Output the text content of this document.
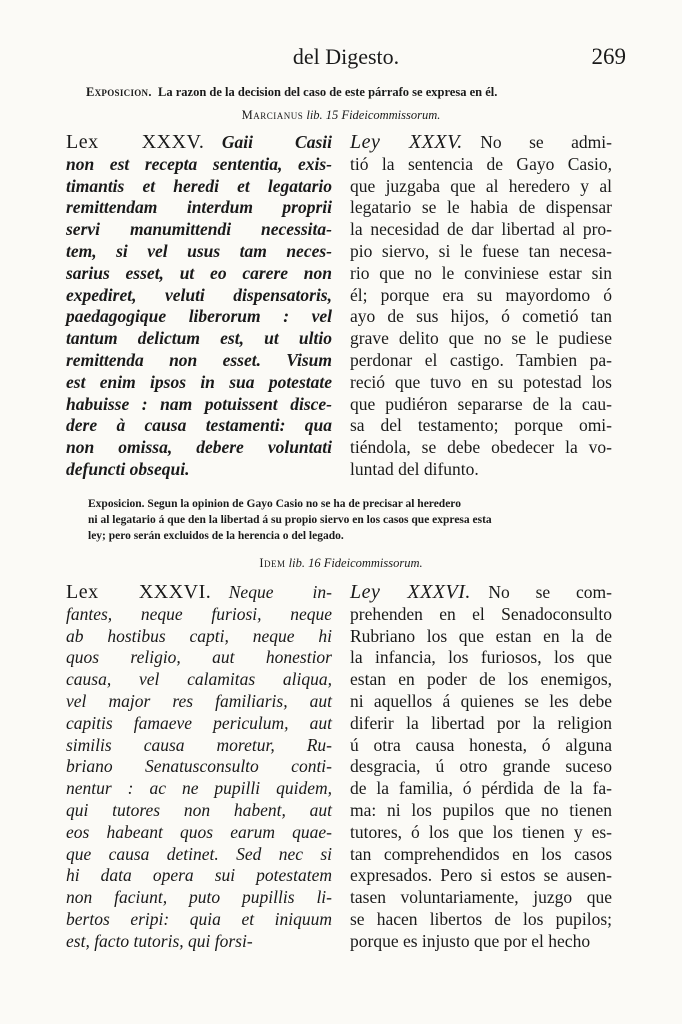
del Digesto.	269
Exposicion. La razon de la decision del caso de este párrafo se expresa en él.
Marcianus lib. 15 Fideicommissorum.
Lex XXXV. Gaii Casii
non est recepta sententia, exis-
timantis et heredi et legatario
remittendam interdum proprii
servi manumittendi necessita-
tem, si vel usus tam neces-
sarius esset, ut eo carere non
expediret, veluti dispensatoris,
paedagogique liberorum : vel
tantum delictum est, ut ultio
remittenda non esset. Visum
est enim ipsos in sua potestate
habuisse : nam potuissent disce-
dere à causa testamenti: qua
non omissa, debere voluntati
defuncti obsequi.
Ley XXXV. No se admi-
tió la sentencia de Gayo Casio,
que juzgaba que al heredero y al
legatario se le habia de dispensar
la necesidad de dar libertad al pro-
pio siervo, si le fuese tan necesa-
rio que no le conviniese estar sin
él; porque era su mayordomo ó
ayo de sus hijos, ó cometió tan
grave delito que no se le pudiese
perdonar el castigo. Tambien pa-
reció que tuvo en su potestad los
que pudiéron separarse de la cau-
sa del testamento; porque omi-
tiéndola, se debe obedecer la vo-
luntad del difunto.
Exposicion. Segun la opinion de Gayo Casio no se ha de precisar al heredero
ni al legatario á que den la libertad á su propio siervo en los casos que expresa esta
ley; pero serán excluidos de la herencia o del legado.
Idem lib. 16 Fideicommissorum.
Lex XXXVI. Neque in-
fantes, neque furiosi, neque
ab hostibus capti, neque hi
quos religio, aut honestior
causa, vel calamitas aliqua,
vel major res familiaris, aut
capitis famaeve periculum, aut
similis causa moretur, Ru-
briano Senatusconsulto conti-
nentur : ac ne pupilli quidem,
qui tutores non habent, aut
eos habeant quos earum quae-
que causa detinet. Sed nec si
hi data opera sui potestatem
non faciunt, puto pupillis li-
bertos eripi: quia et iniquum
est, facto tutoris, qui forsi-
Ley XXXVI. No se com-
prehenden en el Senadoconsulto
Rubriano los que estan en la de
la infancia, los furiosos, los que
estan en poder de los enemigos,
ni aquellos á quienes se les debe
diferir la libertad por la religion
ú otra causa honesta, ó alguna
desgracia, ú otro grande suceso
de la familia, ó pérdida de la fa-
ma: ni los pupilos que no tienen
tutores, ó los que los tienen y es-
tan comprehendidos en los casos
expresados. Pero si estos se ausen-
tasen voluntariamente, juzgo que
se hacen libertos de los pupilos;
porque es injusto que por el hecho
